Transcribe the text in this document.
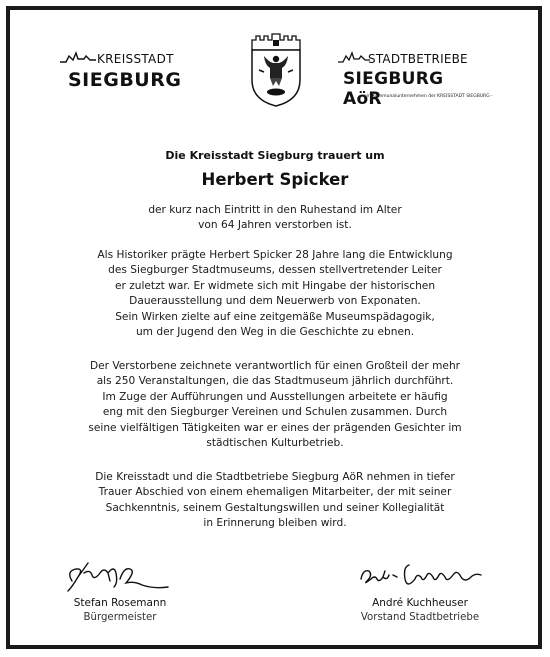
KREISSTADT
SIEGBURG
STADTBETRIEBE
SIEGBURG AöR
- ein Kommunalunternehmen der KREISSTADT SIEGBURG -
Die Kreisstadt Siegburg trauert um
Herbert Spicker
der kurz nach Eintritt in den Ruhestand im Alter
von 64 Jahren verstorben ist.
Als Historiker prägte Herbert Spicker 28 Jahre lang die Entwicklung
des Siegburger Stadtmuseums, dessen stellvertretender Leiter
er zuletzt war. Er widmete sich mit Hingabe der historischen
Dauerausstellung und dem Neuerwerb von Exponaten.
Sein Wirken zielte auf eine zeitgemäße Museumspädagogik,
um der Jugend den Weg in die Geschichte zu ebnen.
Der Verstorbene zeichnete verantwortlich für einen Großteil der mehr
als 250 Veranstaltungen, die das Stadtmuseum jährlich durchführt.
Im Zuge der Aufführungen und Ausstellungen arbeitete er häufig
eng mit den Siegburger Vereinen und Schulen zusammen. Durch
seine vielfältigen Tätigkeiten war er eines der prägenden Gesichter im
städtischen Kulturbetrieb.
Die Kreisstadt und die Stadtbetriebe Siegburg AöR nehmen in tiefer
Trauer Abschied von einem ehemaligen Mitarbeiter, der mit seiner
Sachkenntnis, seinem Gestaltungswillen und seiner Kollegialität
in Erinnerung bleiben wird.
Stefan Rosemann
Bürgermeister
André Kuchheuser
Vorstand Stadtbetriebe
